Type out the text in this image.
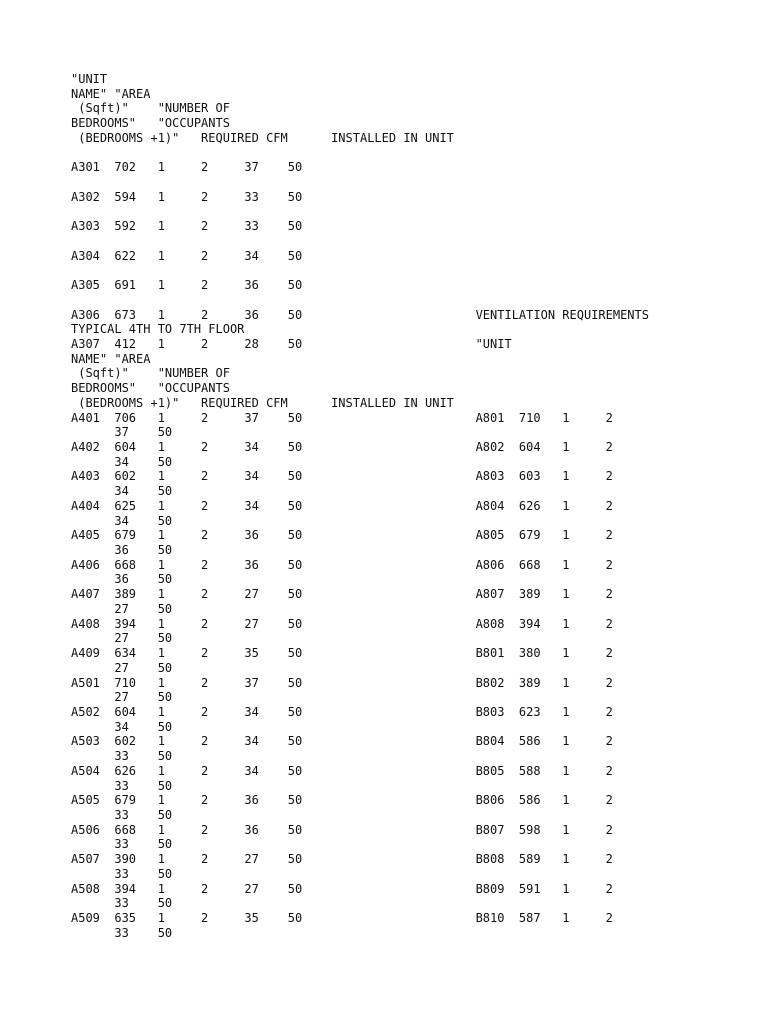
"UNIT
NAME" "AREA
(Sqft)"    "NUMBER OF
BEDROOMS"   "OCCUPANTS
(BEDROOMS +1)"   REQUIRED CFM      INSTALLED IN UNIT
A301  702   1     2     37    50
A302  594   1     2     33    50
A303  592   1     2     33    50
A304  622   1     2     34    50
A305  691   1     2     36    50
A306  673   1     2     36    50                        VENTILATION REQUIREMENTS
TYPICAL 4TH TO 7TH FLOOR
A307  412   1     2     28    50                        "UNIT
NAME" "AREA
(Sqft)"    "NUMBER OF
BEDROOMS"   "OCCUPANTS
(BEDROOMS +1)"   REQUIRED CFM      INSTALLED IN UNIT
A401  706   1     2     37    50                        A801  710   1     2
37    50
A402  604   1     2     34    50                        A802  604   1     2
34    50
A403  602   1     2     34    50                        A803  603   1     2
34    50
A404  625   1     2     34    50                        A804  626   1     2
34    50
A405  679   1     2     36    50                        A805  679   1     2
36    50
A406  668   1     2     36    50                        A806  668   1     2
36    50
A407  389   1     2     27    50                        A807  389   1     2
27    50
A408  394   1     2     27    50                        A808  394   1     2
27    50
A409  634   1     2     35    50                        B801  380   1     2
27    50
A501  710   1     2     37    50                        B802  389   1     2
27    50
A502  604   1     2     34    50                        B803  623   1     2
34    50
A503  602   1     2     34    50                        B804  586   1     2
33    50
A504  626   1     2     34    50                        B805  588   1     2
33    50
A505  679   1     2     36    50                        B806  586   1     2
33    50
A506  668   1     2     36    50                        B807  598   1     2
33    50
A507  390   1     2     27    50                        B808  589   1     2
33    50
A508  394   1     2     27    50                        B809  591   1     2
33    50
A509  635   1     2     35    50                        B810  587   1     2
33    50
